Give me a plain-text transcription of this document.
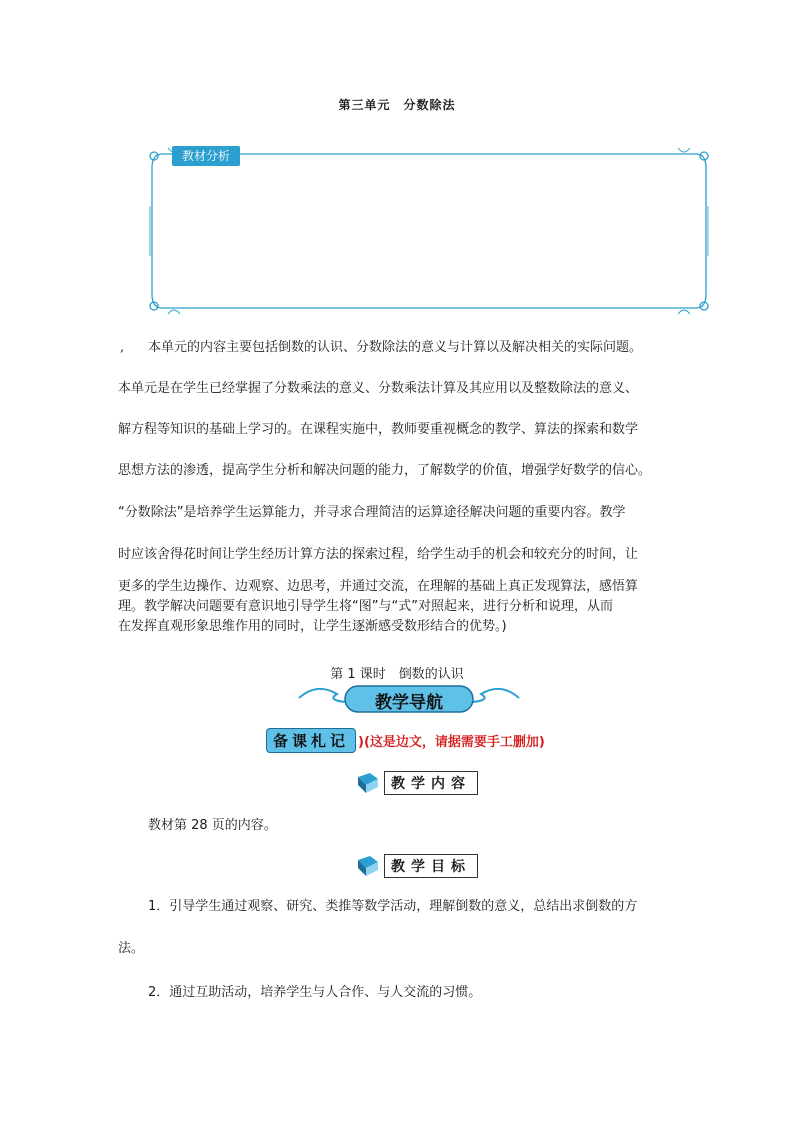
第三单元　分数除法
教材分析
, 本单元的内容主要包括倒数的认识、分数除法的意义与计算以及解决相关的实际问题。
本单元是在学生已经掌握了分数乘法的意义、分数乘法计算及其应用以及整数除法的意义、
解方程等知识的基础上学习的。在课程实施中，教师要重视概念的教学、算法的探索和数学
思想方法的渗透，提高学生分析和解决问题的能力，了解数学的价值，增强学好数学的信心。
“分数除法”是培养学生运算能力，并寻求合理简洁的运算途径解决问题的重要内容。教学
时应该舍得花时间让学生经历计算方法的探索过程，给学生动手的机会和较充分的时间，让
更多的学生边操作、边观察、边思考，并通过交流，在理解的基础上真正发现算法，感悟算
理。教学解决问题要有意识地引导学生将“图”与“式”对照起来，进行分析和说理，从而
在发挥直观形象思维作用的同时，让学生逐渐感受数形结合的优势。)
第 1 课时　倒数的认识
教学导航
备课札记 )(这是边文，请据需要手工删加)
教学内容
教材第 28 页的内容。
教学目标
1．引导学生通过观察、研究、类推等数学活动，理解倒数的意义，总结出求倒数的方
法。
2．通过互助活动，培养学生与人合作、与人交流的习惯。
